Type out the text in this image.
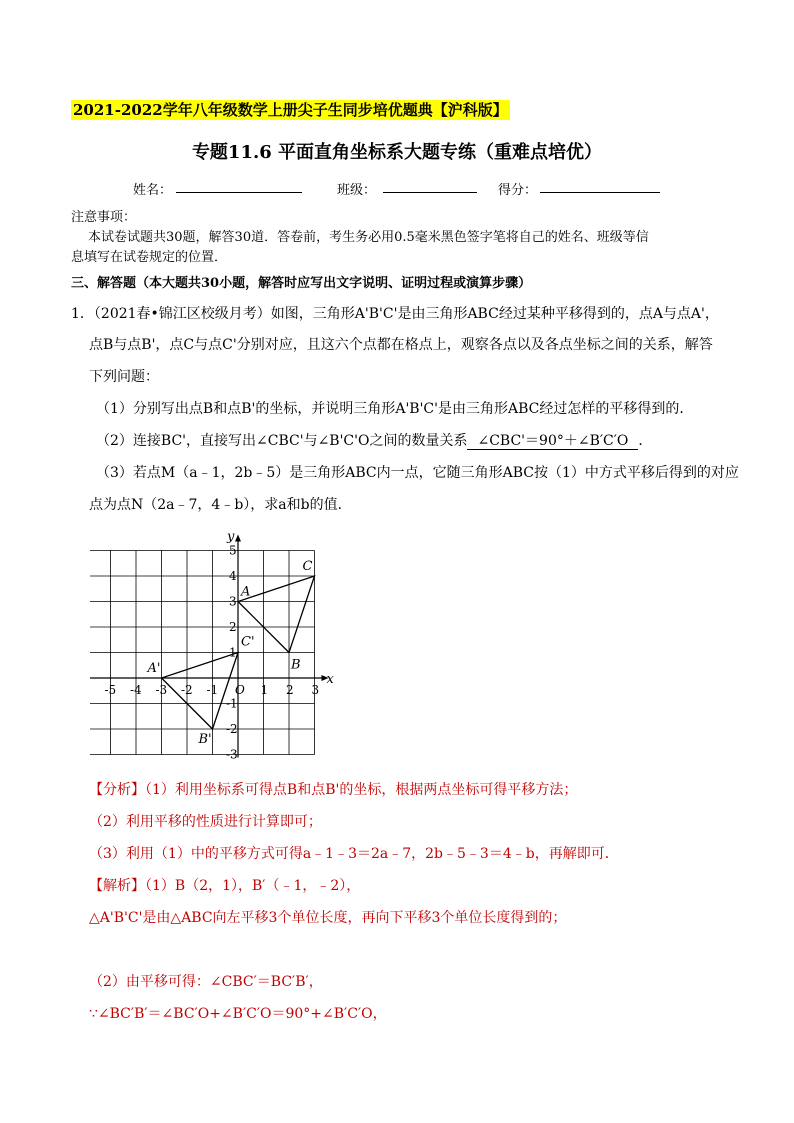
2021-2022学年八年级数学上册尖子生同步培优题典【沪科版】
专题11.6 平面直角坐标系大题专练（重难点培优）
姓名：	班级：	得分：
注意事项：
本试卷试题共30题，解答30道．答卷前，考生务必用0.5毫米黑色签字笔将自己的姓名、班级等信
息填写在试卷规定的位置．
三、解答题（本大题共30小题，解答时应写出文字说明、证明过程或演算步骤）
1．（2021春•锦江区校级月考）如图，三角形A'B'C'是由三角形ABC经过某种平移得到的，点A与点A'，
点B与点B'，点C与点C'分别对应，且这六个点都在格点上，观察各点以及各点坐标之间的关系，解答
下列问题：
（1）分别写出点B和点B'的坐标，并说明三角形A'B'C'是由三角形ABC经过怎样的平移得到的．
（2）连接BC'，直接写出∠CBC'与∠B'C'O之间的数量关系 ∠CBC'＝90°＋∠B′C′O ．
（3）若点M（a﹣1，2b﹣5）是三角形ABC内一点，它随三角形ABC按（1）中方式平移后得到的对应
点为点N（2a﹣7，4﹣b），求a和b的值．
x
y
O
-5 -4 -3 -2 -1	1 2 3
5
4
3
2
1
-1
-2
-3
A
B
C
A'
B'
C'
【分析】（1）利用坐标系可得点B和点B'的坐标，根据两点坐标可得平移方法；
（2）利用平移的性质进行计算即可；
（3）利用（1）中的平移方式可得a﹣1﹣3＝2a﹣7，2b﹣5﹣3＝4﹣b，再解即可．
【解析】（1）B（2，1），B′（﹣1，﹣2），
△A'B'C'是由△ABC向左平移3个单位长度，再向下平移3个单位长度得到的；
（2）由平移可得：∠CBC′＝BC′B′，
∵∠BC′B′＝∠BC′O+∠B′C′O＝90°+∠B′C′O，
